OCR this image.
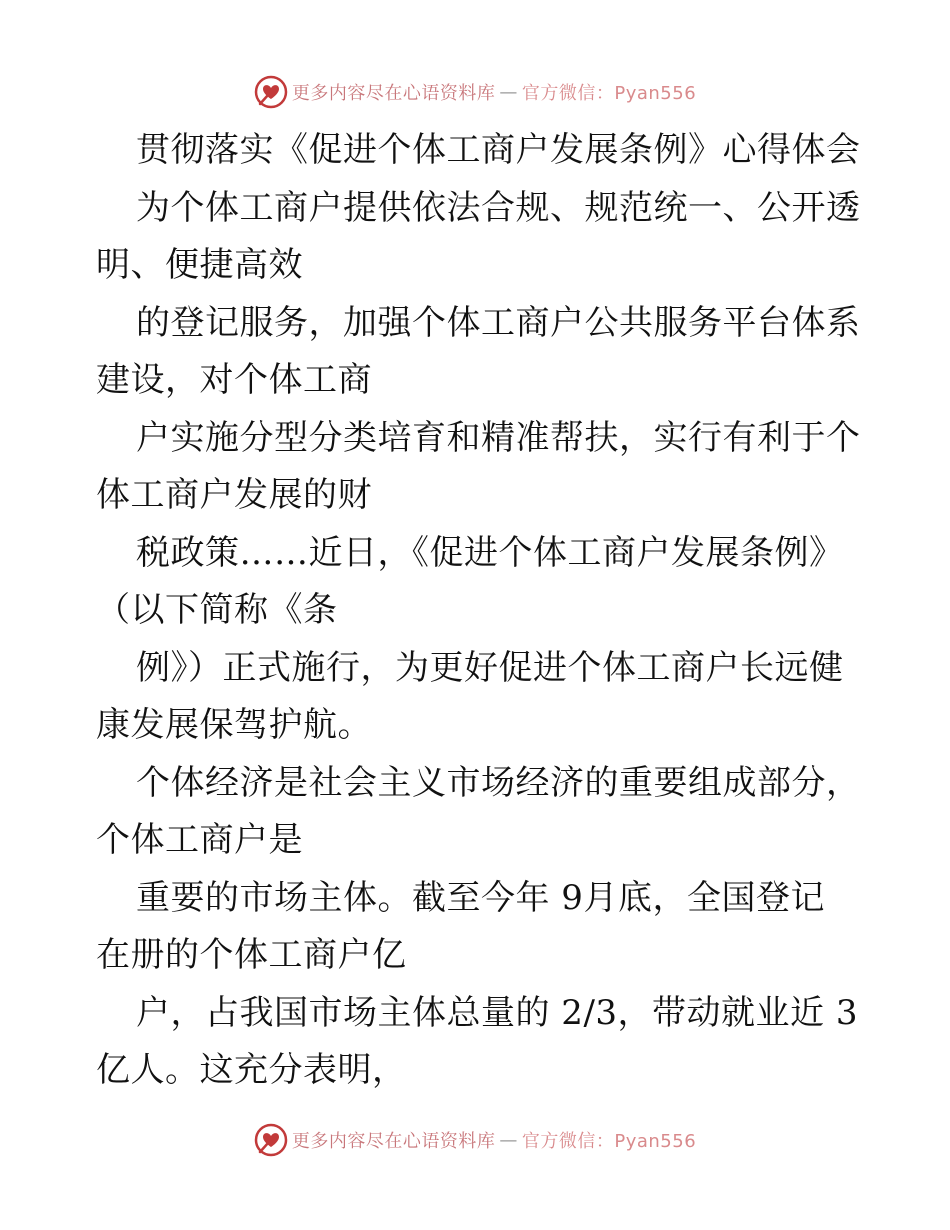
更多内容尽在心语资料库 — 官方微信：Pyan556
贯彻落实《促进个体工商户发展条例》心得体会
为个体工商户提供依法合规、规范统一、公开透
明、便捷高效
的登记服务，加强个体工商户公共服务平台体系
建设，对个体工商
户实施分型分类培育和精准帮扶，实行有利于个
体工商户发展的财
税政策……近日，《促进个体工商户发展条例》
（以下简称《条
例》）正式施行，为更好促进个体工商户长远健
康发展保驾护航。
个体经济是社会主义市场经济的重要组成部分，
个体工商户是
重要的市场主体。截至今年 9月底，全国登记
在册的个体工商户亿
户，占我国市场主体总量的 2/3，带动就业近 3
亿人。这充分表明，
更多内容尽在心语资料库 — 官方微信：Pyan556
